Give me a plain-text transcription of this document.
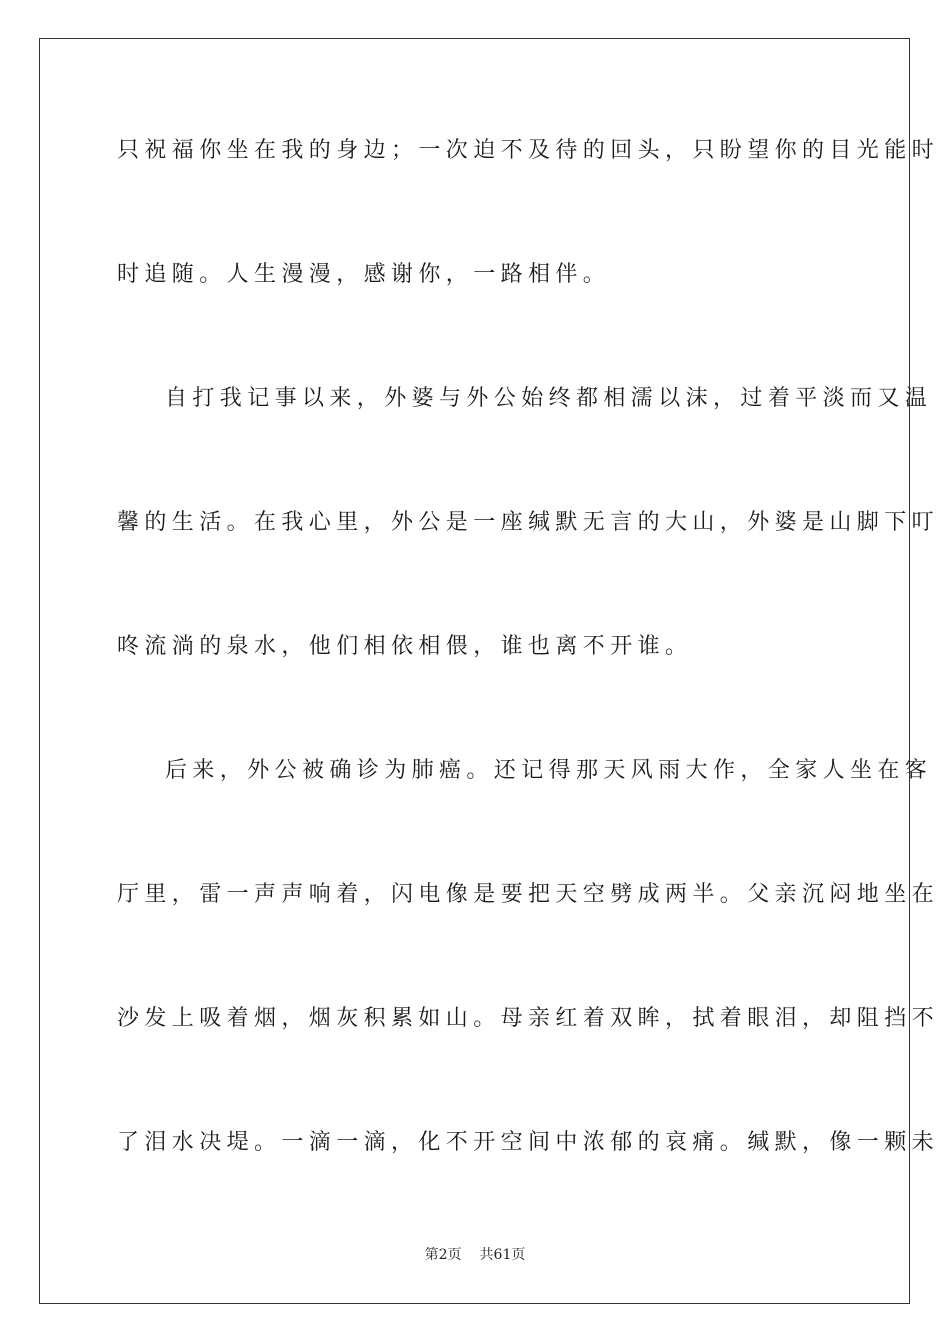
只祝福你坐在我的身边；一次迫不及待的回头，只盼望你的目光能时
时追随。人生漫漫，感谢你，一路相伴。
自打我记事以来，外婆与外公始终都相濡以沫，过着平淡而又温
馨的生活。在我心里，外公是一座缄默无言的大山，外婆是山脚下叮
咚流淌的泉水，他们相依相偎，谁也离不开谁。
后来，外公被确诊为肺癌。还记得那天风雨大作，全家人坐在客
厅里，雷一声声响着，闪电像是要把天空劈成两半。父亲沉闷地坐在
沙发上吸着烟，烟灰积累如山。母亲红着双眸，拭着眼泪，却阻挡不
了泪水决堤。一滴一滴，化不开空间中浓郁的哀痛。缄默，像一颗未
第2页 共61页
